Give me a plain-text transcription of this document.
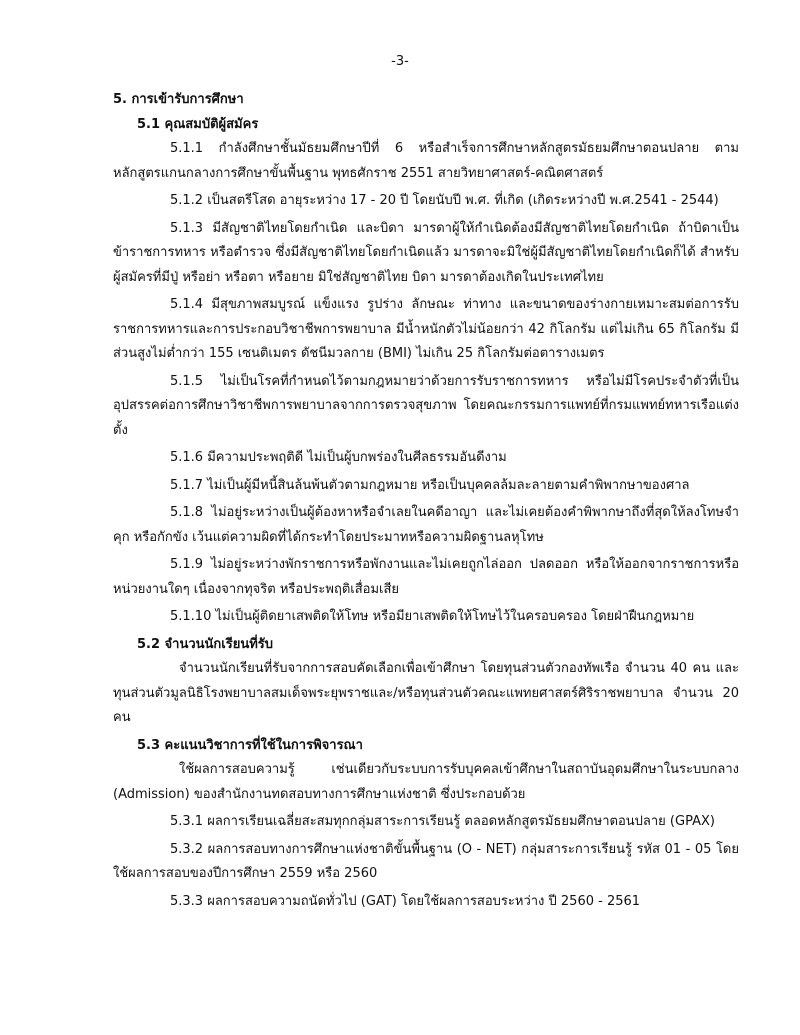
-3-
5. การเข้ารับการศึกษา
5.1 คุณสมบัติผู้สมัคร

5.1.1 กำลังศึกษาชั้นมัธยมศึกษาปีที่ 6 หรือสำเร็จการศึกษาหลักสูตรมัธยมศึกษาตอนปลาย ตามหลักสูตรแกนกลางการศึกษาขั้นพื้นฐาน พุทธศักราช 2551 สายวิทยาศาสตร์-คณิตศาสตร์

5.1.2 เป็นสตรีโสด อายุระหว่าง 17 - 20 ปี โดยนับปี พ.ศ. ที่เกิด (เกิดระหว่างปี พ.ศ.2541 - 2544)

5.1.3 มีสัญชาติไทยโดยกำเนิด และบิดา มารดาผู้ให้กำเนิดต้องมีสัญชาติไทยโดยกำเนิด ถ้าบิดาเป็นข้าราชการทหาร หรือตำรวจ ซึ่งมีสัญชาติไทยโดยกำเนิดแล้ว มารดาจะมิใช่ผู้มีสัญชาติไทยโดยกำเนิดก็ได้ สำหรับผู้สมัครที่มีปู่ หรือย่า หรือตา หรือยาย มิใช่สัญชาติไทย บิดา มารดาต้องเกิดในประเทศไทย

5.1.4 มีสุขภาพสมบูรณ์ แข็งแรง รูปร่าง ลักษณะ ท่าทาง และขนาดของร่างกายเหมาะสมต่อการรับราชการทหารและการประกอบวิชาชีพการพยาบาล มีน้ำหนักตัวไม่น้อยกว่า 42 กิโลกรัม แต่ไม่เกิน 65 กิโลกรัม มีส่วนสูงไม่ต่ำกว่า 155 เซนติเมตร ดัชนีมวลกาย (BMI) ไม่เกิน 25 กิโลกรัมต่อตารางเมตร

5.1.5 ไม่เป็นโรคที่กำหนดไว้ตามกฎหมายว่าด้วยการรับราชการทหาร หรือไม่มีโรคประจำตัวที่เป็นอุปสรรคต่อการศึกษาวิชาชีพการพยาบาลจากการตรวจสุขภาพ โดยคณะกรรมการแพทย์ที่กรมแพทย์ทหารเรือแต่งตั้ง

5.1.6 มีความประพฤติดี ไม่เป็นผู้บกพร่องในศีลธรรมอันดีงาม

5.1.7 ไม่เป็นผู้มีหนี้สินล้นพ้นตัวตามกฎหมาย หรือเป็นบุคคลล้มละลายตามคำพิพากษาของศาล

5.1.8 ไม่อยู่ระหว่างเป็นผู้ต้องหาหรือจำเลยในคดีอาญา และไม่เคยต้องคำพิพากษาถึงที่สุดให้ลงโทษจำคุก หรือกักขัง เว้นแต่ความผิดที่ได้กระทำโดยประมาทหรือความผิดฐานลหุโทษ

5.1.9 ไม่อยู่ระหว่างพักราชการหรือพักงานและไม่เคยถูกไล่ออก ปลดออก หรือให้ออกจากราชการหรือหน่วยงานใดๆ เนื่องจากทุจริต หรือประพฤติเสื่อมเสีย

5.1.10 ไม่เป็นผู้ติดยาเสพติดให้โทษ หรือมียาเสพติดให้โทษไว้ในครอบครอง โดยฝ่าฝืนกฎหมาย

5.2 จำนวนนักเรียนที่รับ

จำนวนนักเรียนที่รับจากการสอบคัดเลือกเพื่อเข้าศึกษา โดยทุนส่วนตัวกองทัพเรือ จำนวน 40 คน และทุนส่วนตัวมูลนิธิโรงพยาบาลสมเด็จพระยุพราชและ/หรือทุนส่วนตัวคณะแพทยศาสตร์ศิริราชพยาบาล จำนวน 20 คน

5.3 คะแนนวิชาการที่ใช้ในการพิจารณา

ใช้ผลการสอบความรู้ เช่นเดียวกับระบบการรับบุคคลเข้าศึกษาในสถาบันอุดมศึกษาในระบบกลาง (Admission) ของสำนักงานทดสอบทางการศึกษาแห่งชาติ ซึ่งประกอบด้วย

5.3.1 ผลการเรียนเฉลี่ยสะสมทุกกลุ่มสาระการเรียนรู้ ตลอดหลักสูตรมัธยมศึกษาตอนปลาย (GPAX)

5.3.2 ผลการสอบทางการศึกษาแห่งชาติขั้นพื้นฐาน (O - NET) กลุ่มสาระการเรียนรู้ รหัส 01 - 05 โดยใช้ผลการสอบของปีการศึกษา 2559 หรือ 2560

5.3.3 ผลการสอบความถนัดทั่วไป (GAT) โดยใช้ผลการสอบระหว่าง ปี 2560 - 2561
